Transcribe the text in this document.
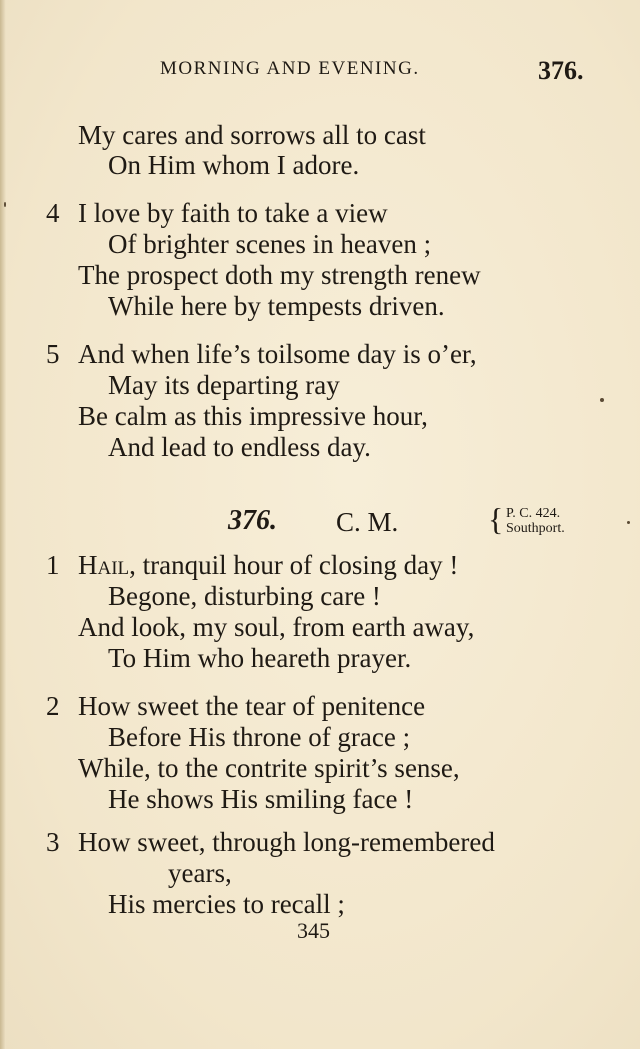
MORNING AND EVENING.	376.
My cares and sorrows all to cast
On Him whom I adore.
4 I love by faith to take a view
Of brighter scenes in heaven ;
The prospect doth my strength renew
While here by tempests driven.
5 And when life’s toilsome day is o’er,
May its departing ray
Be calm as this impressive hour,
And lead to endless day.
376. C. M.	{ P. C. 424.
Southport.
1 Hail, tranquil hour of closing day !
Begone, disturbing care !
And look, my soul, from earth away,
To Him who heareth prayer.
2 How sweet the tear of penitence
Before His throne of grace ;
While, to the contrite spirit’s sense,
He shows His smiling face !
3 How sweet, through long-remembered
years,
His mercies to recall ;
345
